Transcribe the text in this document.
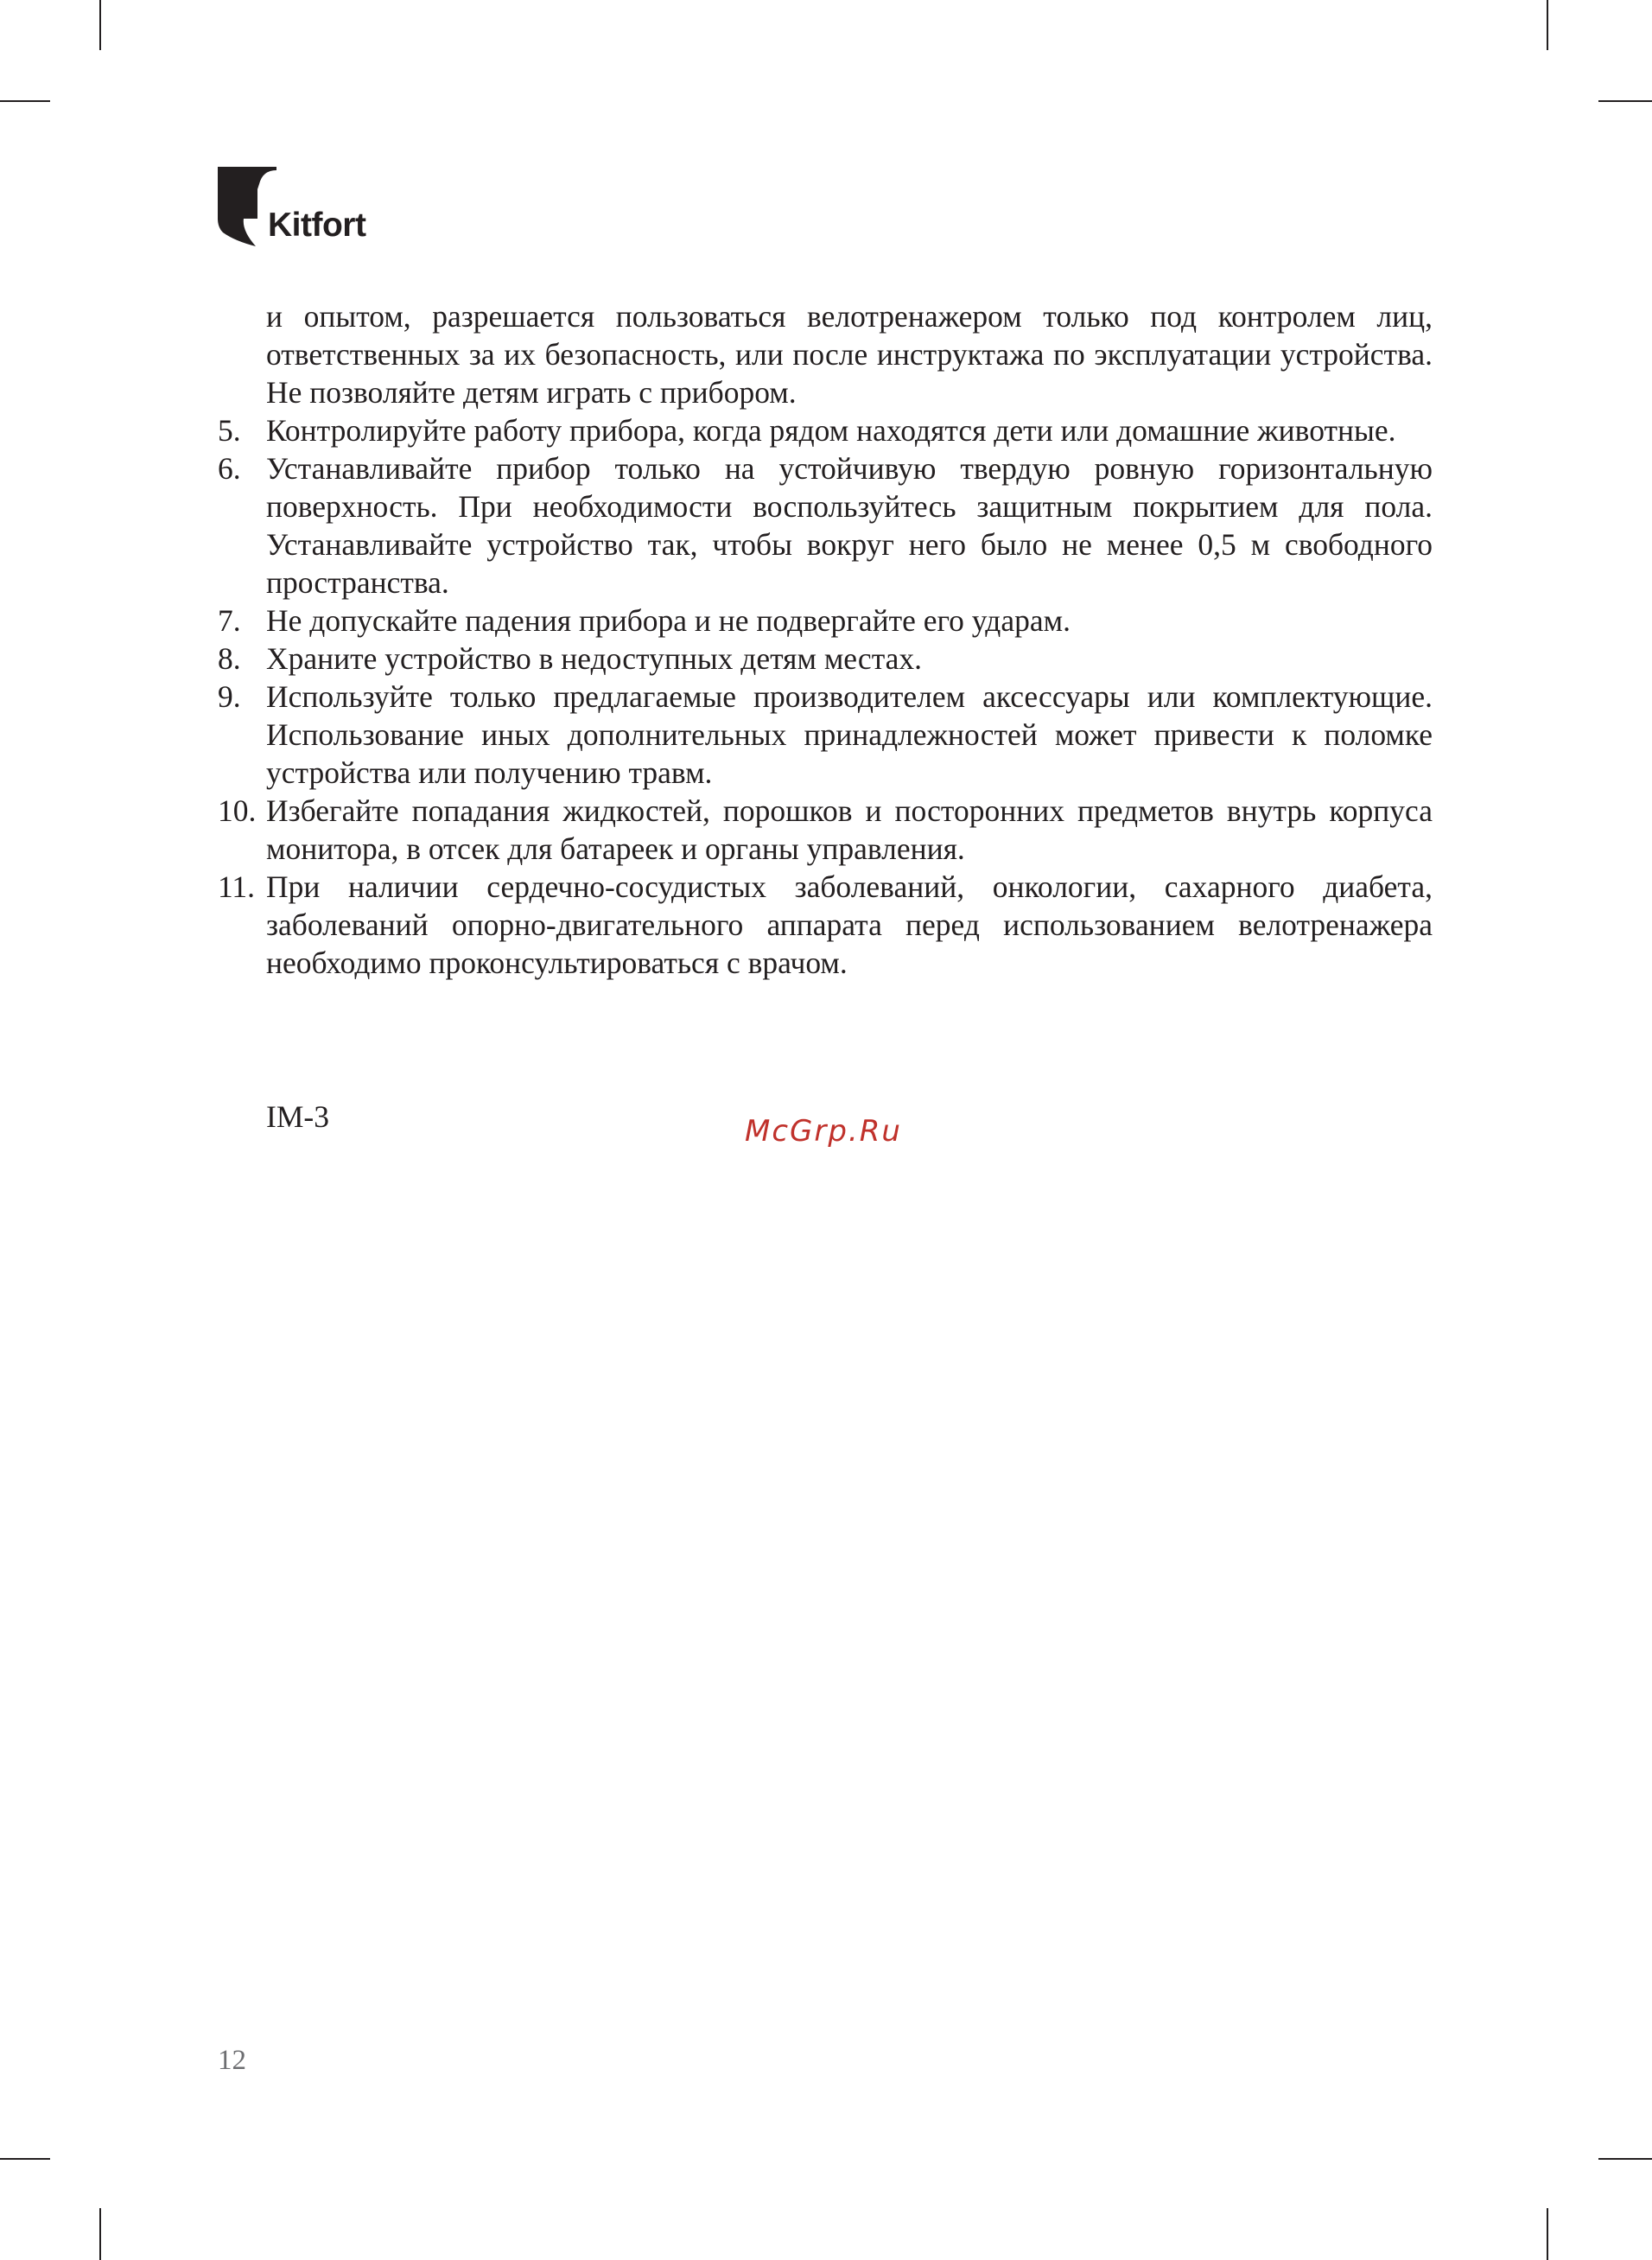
Kitfort
и опытом, разрешается пользоваться велотренажером только под контролем лиц, ответственных за их безопасность, или после инструктажа по эксплуатации устройства. Не позволяйте детям играть с прибором.
5. Контролируйте работу прибора, когда рядом находятся дети или домашние животные.
6. Устанавливайте прибор только на устойчивую твердую ровную горизонтальную поверхность. При необходимости воспользуйтесь защитным покрытием для пола. Устанавливайте устройство так, чтобы вокруг него было не менее 0,5 м свободного пространства.
7. Не допускайте падения прибора и не подвергайте его ударам.
8. Храните устройство в недоступных детям местах.
9. Используйте только предлагаемые производителем аксессуары или комплектующие. Использование иных дополнительных принадлежностей может привести к поломке устройства или получению травм.
10. Избегайте попадания жидкостей, порошков и посторонних предметов внутрь корпуса монитора, в отсек для батареек и органы управления.
11. При наличии сердечно-сосудистых заболеваний, онкологии, сахарного диабета, заболеваний опорно-двигательного аппарата перед использованием велотренажера необходимо проконсультироваться с врачом.
IM-3	McGrp.Ru
12
